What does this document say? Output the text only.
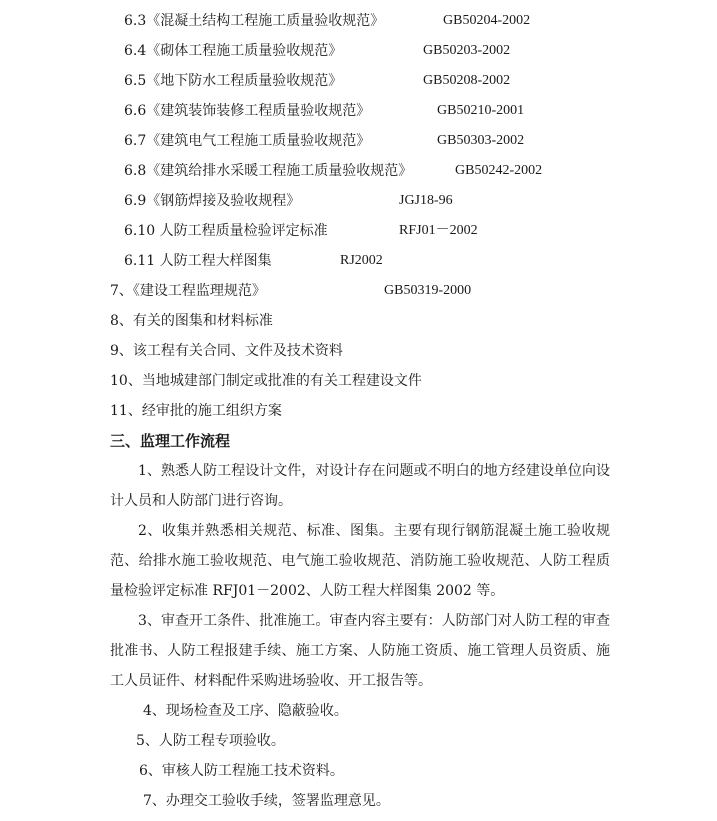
6.3《混凝土结构工程施工质量验收规范》	GB50204-2002
6.4《砌体工程施工质量验收规范》	GB50203-2002
6.5《地下防水工程质量验收规范》	GB50208-2002
6.6《建筑装饰装修工程质量验收规范》	GB50210-2001
6.7《建筑电气工程施工质量验收规范》	GB50303-2002
6.8《建筑给排水采暖工程施工质量验收规范》	GB50242-2002
6.9《钢筋焊接及验收规程》	JGJ18-96
6.10 人防工程质量检验评定标准	RFJ01－2002
6.11 人防工程大样图集	RJ2002
7、《建设工程监理规范》	GB50319-2000
8、有关的图集和材料标准
9、该工程有关合同、文件及技术资料
10、当地城建部门制定或批准的有关工程建设文件
11、经审批的施工组织方案
三、监理工作流程
1、熟悉人防工程设计文件，对设计存在问题或不明白的地方经建设单位向设计人员和人防部门进行咨询。
2、收集并熟悉相关规范、标准、图集。主要有现行钢筋混凝土施工验收规范、给排水施工验收规范、电气施工验收规范、消防施工验收规范、人防工程质量检验评定标准 RFJ01－2002、人防工程大样图集 2002 等。
3、审查开工条件、批准施工。审查内容主要有：人防部门对人防工程的审查批准书、人防工程报建手续、施工方案、人防施工资质、施工管理人员资质、施工人员证件、材料配件采购进场验收、开工报告等。
4、现场检查及工序、隐蔽验收。
5、人防工程专项验收。
6、审核人防工程施工技术资料。
7、办理交工验收手续，签署监理意见。
